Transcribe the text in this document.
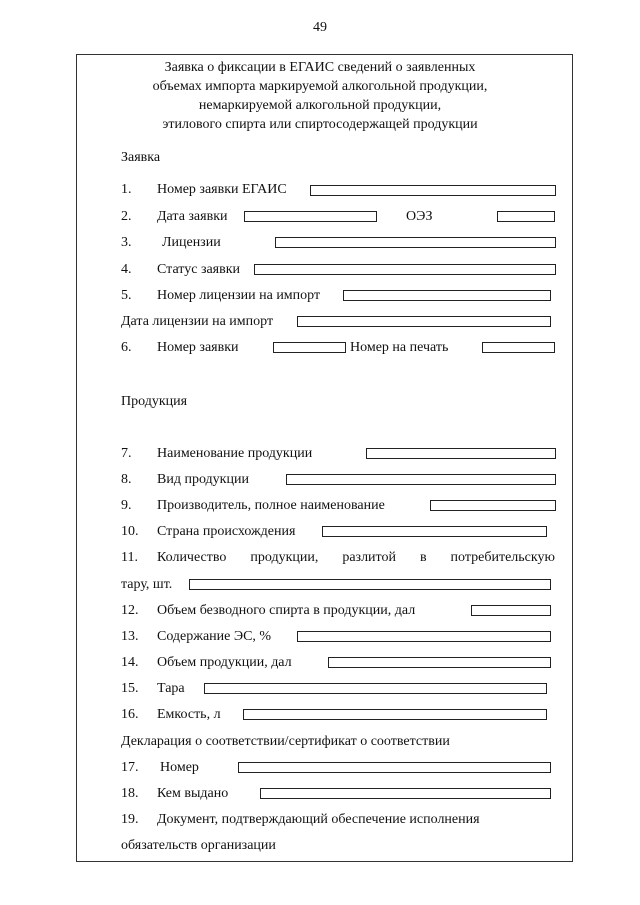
49
Заявка о фиксации в ЕГАИС сведений о заявленных
объемах импорта маркируемой алкогольной продукции,
немаркируемой алкогольной продукции,
этилового спирта или спиртосодержащей продукции
Заявка
1. Номер заявки ЕГАИС
2. Дата заявки	ОЭЗ
3. Лицензии
4. Статус заявки
5. Номер лицензии на импорт
Дата лицензии на импорт
6. Номер заявки	Номер на печать
Продукция
7. Наименование продукции
8. Вид продукции
9. Производитель, полное наименование
10. Страна происхождения
11. Количество продукции, разлитой в потребительскую
тару, шт.
12. Объем безводного спирта в продукции, дал
13. Содержание ЭС, %
14. Объем продукции, дал
15. Тара
16. Емкость, л
Декларация о соответствии/сертификат о соответствии
17. Номер
18. Кем выдано
19. Документ, подтверждающий обеспечение исполнения
обязательств организации
